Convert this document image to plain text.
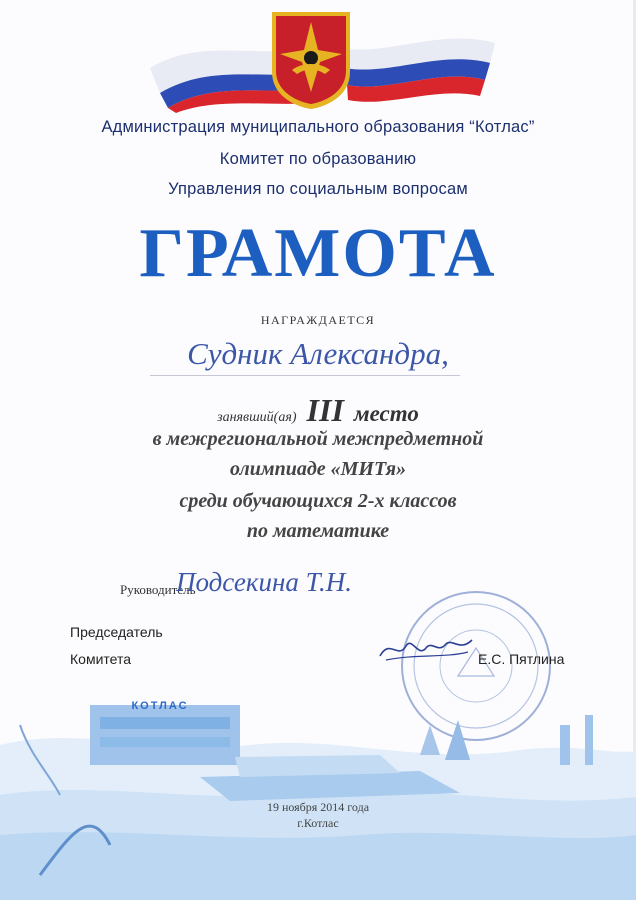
Администрация муниципального образования “Котлас”
Комитет по образованию
Управления по социальным вопросам
ГРАМОТА
НАГРАЖДАЕТСЯ
Судник Александра,
занявший(ая) III место
в межрегиональной межпредметной
олимпиаде «МИТя»
среди обучающихся 2-х классов
по математике
Руководитель
Подсекина Т.Н.
Председатель
Комитета	Е.С. Пятлина
КОТЛАС
19 ноября 2014 года
г.Котлас
